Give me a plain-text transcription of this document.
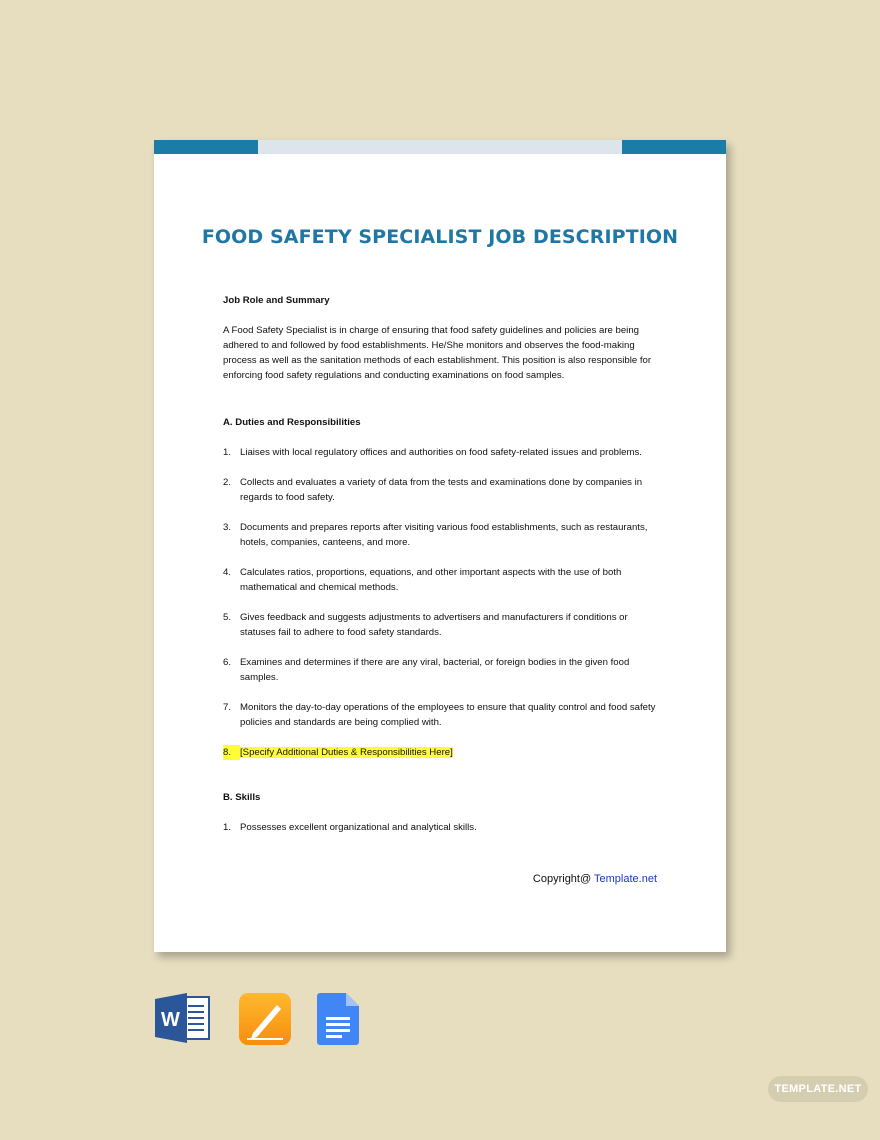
FOOD SAFETY SPECIALIST JOB DESCRIPTION
Job Role and Summary

A Food Safety Specialist is in charge of ensuring that food safety guidelines and policies are being adhered to and followed by food establishments. He/She monitors and observes the food-making process as well as the sanitation methods of each establishment. This position is also responsible for enforcing food safety regulations and conducting examinations on food samples.

A. Duties and Responsibilities
1. Liaises with local regulatory offices and authorities on food safety-related issues and problems.
2. Collects and evaluates a variety of data from the tests and examinations done by companies in regards to food safety.
3. Documents and prepares reports after visiting various food establishments, such as restaurants, hotels, companies, canteens, and more.
4. Calculates ratios, proportions, equations, and other important aspects with the use of both mathematical and chemical methods.
5. Gives feedback and suggests adjustments to advertisers and manufacturers if conditions or statuses fail to adhere to food safety standards.
6. Examines and determines if there are any viral, bacterial, or foreign bodies in the given food samples.
7. Monitors the day-to-day operations of the employees to ensure that quality control and food safety policies and standards are being complied with.
8. [Specify Additional Duties & Responsibilities Here]
B. Skills
1. Possesses excellent organizational and analytical skills.
Copyright@ Template.net
W
TEMPLATE.NET
